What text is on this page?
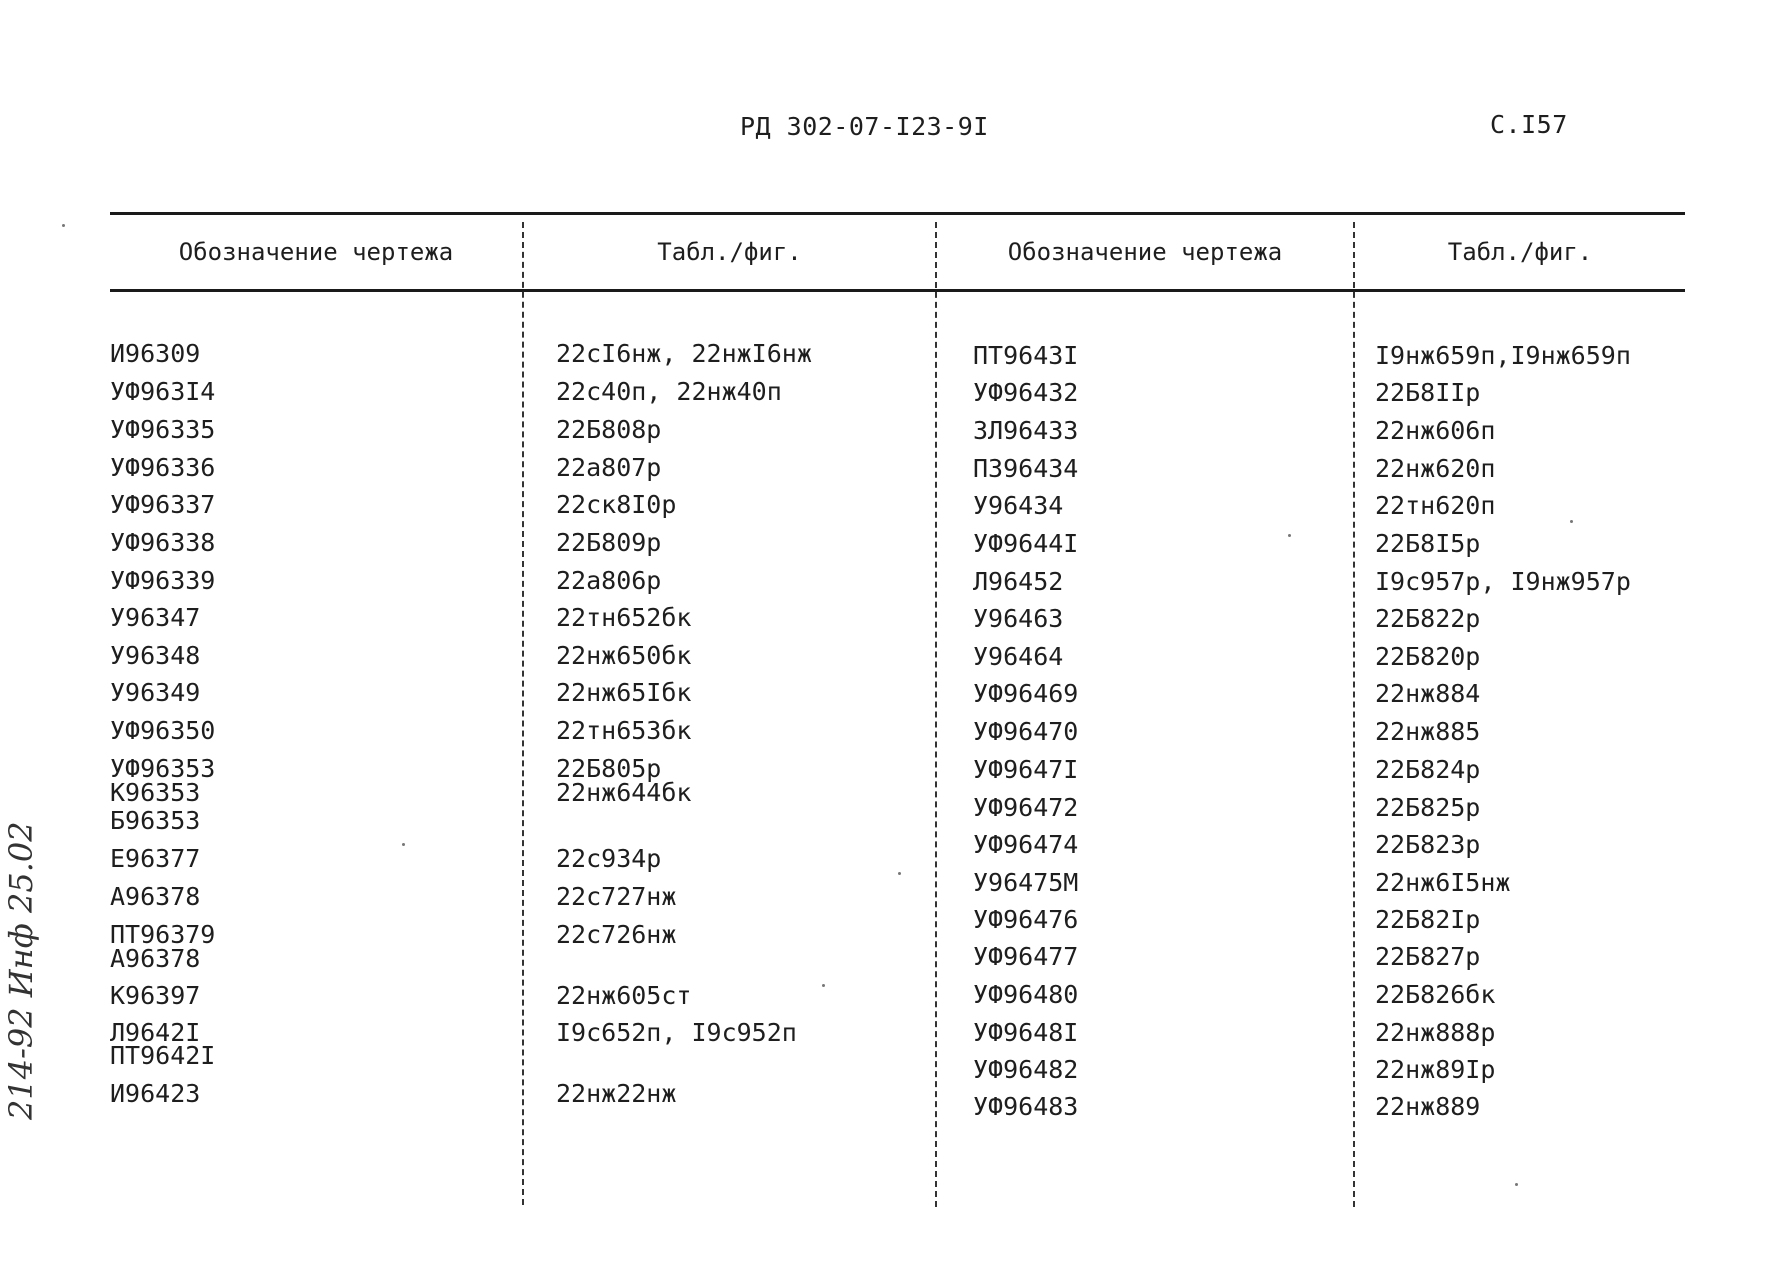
РД 302-07-I23-9I	С.I57
Обозначение чертежа	Табл./фиг.	Обозначение чертежа	Табл./фиг.
И96309	22сI6нж, 22нжI6нж
УФ963I4	22с40п, 22нж40п
УФ96335	22Б808р
УФ96336	22а807р
УФ96337	22ск8I0р
УФ96338	22Б809р
УФ96339	22а806р
У96347	22тн652бк
У96348	22нж650бк
У96349	22нж65Iбк
УФ96350	22тн653бк
УФ96353	22Б805р
К96353	22нж644бк
Б96353
Е96377	22с934р
А96378	22с727нж
ПТ96379	22с726нж
А96378
К96397	22нж605ст
Л9642I	I9с652п, I9с952п
ПТ9642I
И96423	22нж22нж
ПТ9643I	I9нж659п,I9нж659п
УФ96432	22Б8IIр
ЗЛ96433	22нж606п
ПЗ96434	22нж620п
У96434	22тн620п
УФ9644I	22Б8I5р
Л96452	I9с957р, I9нж957р
У96463	22Б822р
У96464	22Б820р
УФ96469	22нж884
УФ96470	22нж885
УФ9647I	22Б824р
УФ96472	22Б825р
УФ96474	22Б823р
У96475М	22нж6I5нж
УФ96476	22Б82Iр
УФ96477	22Б827р
УФ96480	22Б826бк
УФ9648I	22нж888р
УФ96482	22нж89Iр
УФ96483	22нж889
214-92 Инф 25.02
